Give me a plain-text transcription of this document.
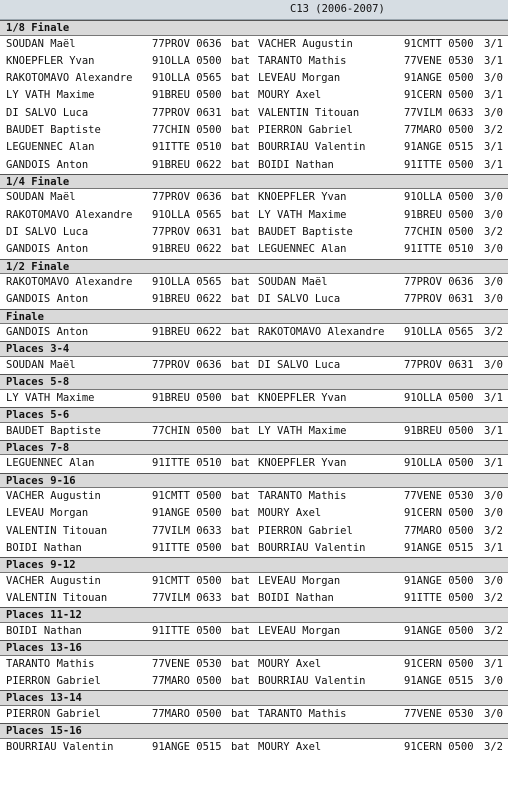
C13 (2006-2007)
1/8 Finale
SOUDAN Maël	77PROV 0636 bat VACHER Augustin	91CMTT 0500 3/1
KNOEPFLER Yvan	91OLLA 0500 bat TARANTO Mathis	77VENE 0530 3/1
RAKOTOMAVO Alexandre 91OLLA 0565 bat LEVEAU Morgan	91ANGE 0500 3/0
LY VATH Maxime	91BREU 0500 bat MOURY Axel	91CERN 0500 3/1
DI SALVO Luca	77PROV 0631 bat VALENTIN Titouan	77VILM 0633 3/0
BAUDET Baptiste	77CHIN 0500 bat PIERRON Gabriel	77MARO 0500 3/2
LEGUENNEC Alan	91ITTE 0510 bat BOURRIAU Valentin	91ANGE 0515 3/1
GANDOIS Anton	91BREU 0622 bat BOIDI Nathan	91ITTE 0500 3/1
1/4 Finale
SOUDAN Maël	77PROV 0636 bat KNOEPFLER Yvan	91OLLA 0500 3/0
RAKOTOMAVO Alexandre 91OLLA 0565 bat LY VATH Maxime	91BREU 0500 3/0
DI SALVO Luca	77PROV 0631 bat BAUDET Baptiste	77CHIN 0500 3/2
GANDOIS Anton	91BREU 0622 bat LEGUENNEC Alan	91ITTE 0510 3/0
1/2 Finale
RAKOTOMAVO Alexandre 91OLLA 0565 bat SOUDAN Maël	77PROV 0636 3/0
GANDOIS Anton	91BREU 0622 bat DI SALVO Luca	77PROV 0631 3/0
Finale
GANDOIS Anton	91BREU 0622 bat RAKOTOMAVO Alexandre 91OLLA 0565 3/2
Places 3-4
SOUDAN Maël	77PROV 0636 bat DI SALVO Luca	77PROV 0631 3/0
Places 5-8
LY VATH Maxime	91BREU 0500 bat KNOEPFLER Yvan	91OLLA 0500 3/1
Places 5-6
BAUDET Baptiste	77CHIN 0500 bat LY VATH Maxime	91BREU 0500 3/1
Places 7-8
LEGUENNEC Alan	91ITTE 0510 bat KNOEPFLER Yvan	91OLLA 0500 3/1
Places 9-16
VACHER Augustin	91CMTT 0500 bat TARANTO Mathis	77VENE 0530 3/0
LEVEAU Morgan	91ANGE 0500 bat MOURY Axel	91CERN 0500 3/0
VALENTIN Titouan	77VILM 0633 bat PIERRON Gabriel	77MARO 0500 3/2
BOIDI Nathan	91ITTE 0500 bat BOURRIAU Valentin	91ANGE 0515 3/1
Places 9-12
VACHER Augustin	91CMTT 0500 bat LEVEAU Morgan	91ANGE 0500 3/0
VALENTIN Titouan	77VILM 0633 bat BOIDI Nathan	91ITTE 0500 3/2
Places 11-12
BOIDI Nathan	91ITTE 0500 bat LEVEAU Morgan	91ANGE 0500 3/2
Places 13-16
TARANTO Mathis	77VENE 0530 bat MOURY Axel	91CERN 0500 3/1
PIERRON Gabriel	77MARO 0500 bat BOURRIAU Valentin	91ANGE 0515 3/0
Places 13-14
PIERRON Gabriel	77MARO 0500 bat TARANTO Mathis	77VENE 0530 3/0
Places 15-16
BOURRIAU Valentin	91ANGE 0515 bat MOURY Axel	91CERN 0500 3/2
